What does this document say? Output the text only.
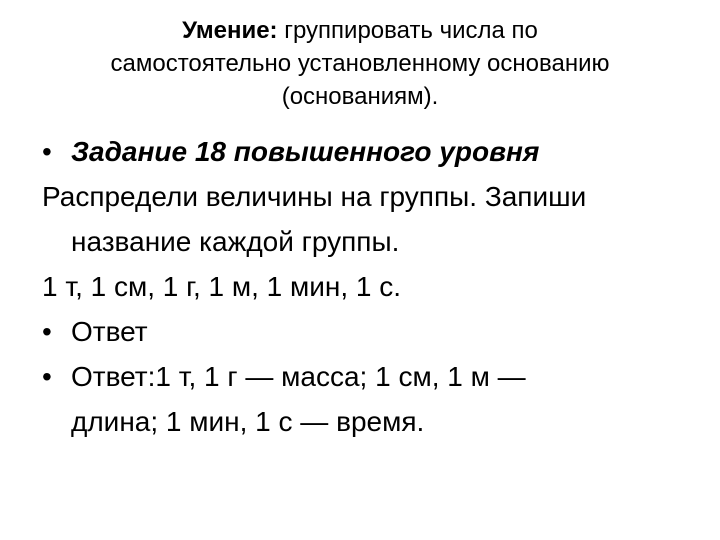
Умение: группировать числа по
самостоятельно установленному основанию
(основаниям).
• Задание 18 повышенного уровня
Распредели величины на группы. Запиши
название каждой группы.
1 т, 1 см, 1 г, 1 м, 1 мин, 1 с.
• Ответ
• Ответ:1 т, 1 г — масса; 1 см, 1 м —
длина; 1 мин, 1 с — время.
